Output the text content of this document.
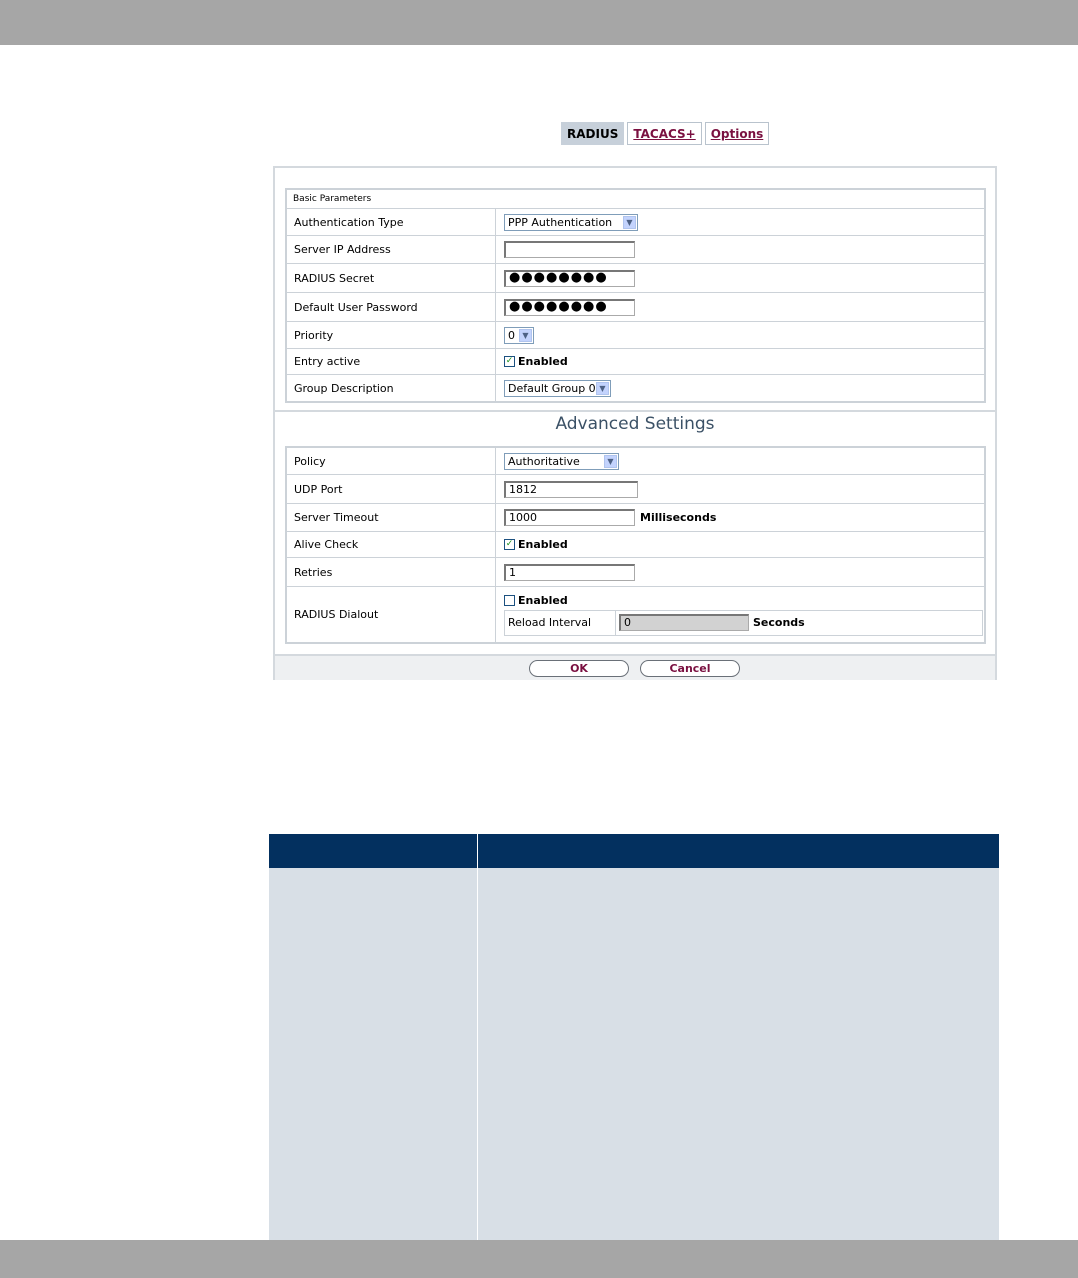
RADIUS	TACACS+	Options
Basic Parameters
Authentication Type	PPP Authentication	▼
Server IP Address
RADIUS Secret	●●●●●●●●
Default User Password	●●●●●●●●
Priority	0 ▼
Entry active	✓ Enabled
Group Description	Default Group 0 ▼
Advanced Settings
Policy	Authoritative	▼
UDP Port	1812
Server Timeout	1000	Milliseconds
Alive Check	✓ Enabled
Retries	1
RADIUS Dialout
Enabled
Reload Interval	0	Seconds
OK	Cancel
